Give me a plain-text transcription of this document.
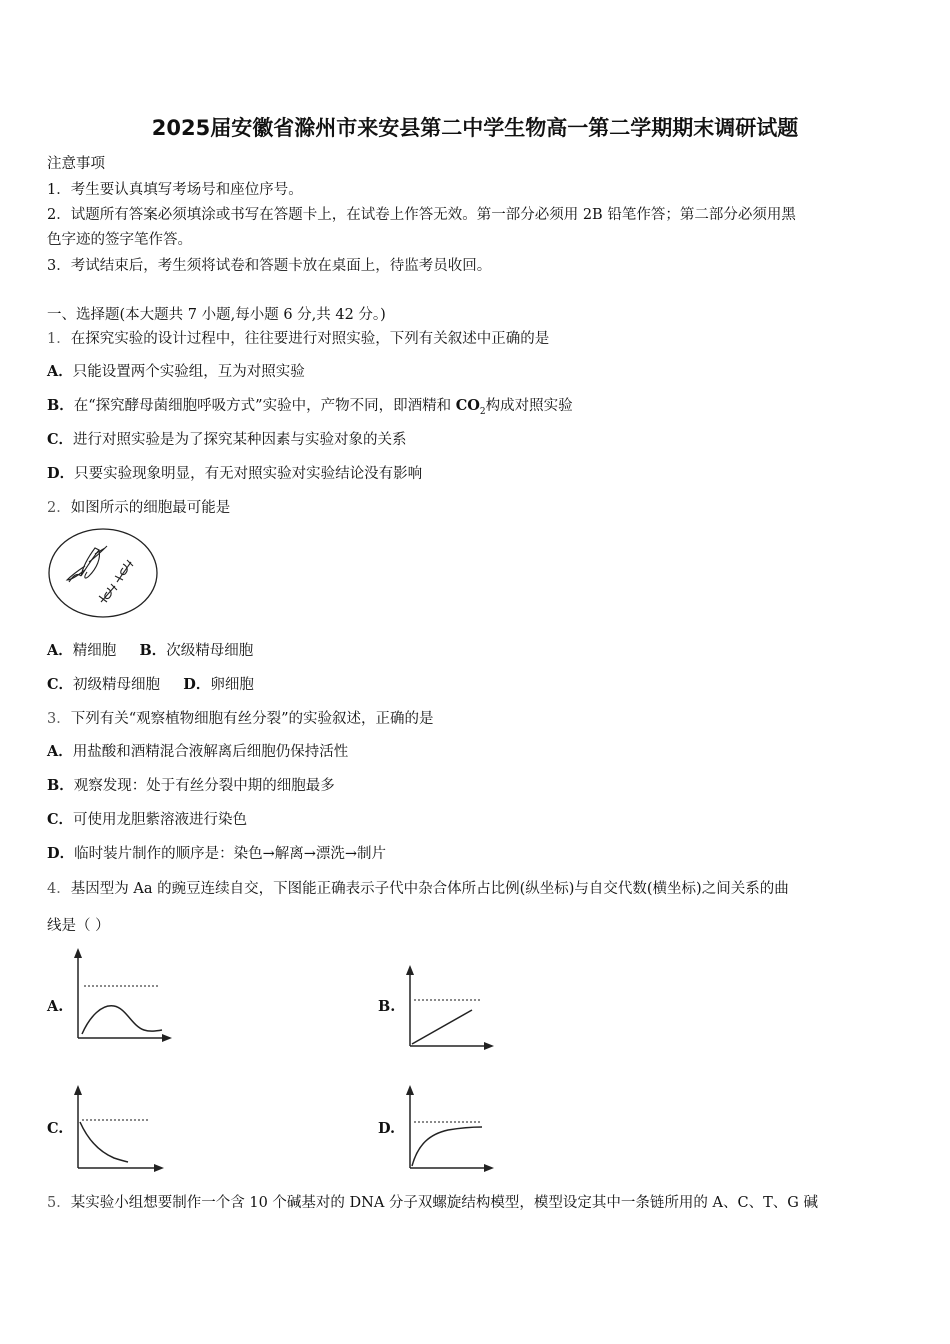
2025届安徽省滁州市来安县第二中学生物高一第二学期期末调研试题
注意事项
1．考生要认真填写考场号和座位序号。
2．试题所有答案必须填涂或书写在答题卡上，在试卷上作答无效。第一部分必须用 2B 铅笔作答；第二部分必须用黑
色字迹的签字笔作答。
3．考试结束后，考生须将试卷和答题卡放在桌面上，待监考员收回。
一、选择题(本大题共 7 小题,每小题 6 分,共 42 分。)
1．在探究实验的设计过程中，往往要进行对照实验，下列有关叙述中正确的是
A．只能设置两个实验组，互为对照实验
B．在“探究酵母菌细胞呼吸方式”实验中，产物不同，即酒精和 $CO_2$构成对照实验
C．进行对照实验是为了探究某种因素与实验对象的关系
D．只要实验现象明显，有无对照实验对实验结论没有影响
2．如图所示的细胞最可能是
A．精细胞 B．次级精母细胞
C．初级精母细胞 D．卵细胞
3．下列有关“观察植物细胞有丝分裂”的实验叙述，正确的是
A．用盐酸和酒精混合液解离后细胞仍保持活性
B．观察发现：处于有丝分裂中期的细胞最多
C．可使用龙胆紫溶液进行染色
D．临时装片制作的顺序是：染色→解离→漂洗→制片
4．基因型为 Aa 的豌豆连续自交，下图能正确表示子代中杂合体所占比例(纵坐标)与自交代数(横坐标)之间关系的曲
线是（ ）
A.	B.
C.	D.
5．某实验小组想要制作一个含 10 个碱基对的 DNA 分子双螺旋结构模型，模型设定其中一条链所用的 A、C、T、G 碱
